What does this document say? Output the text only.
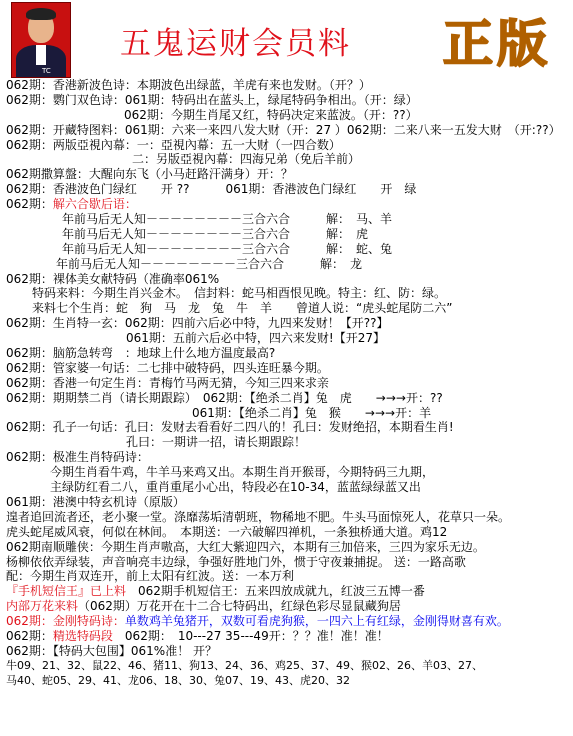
TC
五鬼运财会员料 正版
062期：香港新波色诗：本期波色出绿蓝，羊虎有来也发财。（开？）
062期：鹦门双色诗：061期：特码出在蓝头上，绿尾特码争相出。（开：绿）
062期：今期生肖尾又红，特码决定来蓝波。（开：??）
062期：开藏特图料：061期：六来一来四八发大财（开：27 ）062期：二来八来一五发大财　（开:??）
062期：两版亞視內幕：一：亞視內幕：五一大财（一四合数）
二：另版亞視內幕：四海兄弟（免后羊前）
062期撒算盤：大醒向东飞（小马赶路汗满身）开：？
062期：香港波色门绿红　　开 ??　　　061期：香港波色门绿红　　开　绿
062期：解六合歇后语：
年前马后无人知－－－－－－－－三合六合　　　解：　马、羊
年前马后无人知－－－－－－－－三合六合　　　解：　虎
年前马后无人知－－－－－－－－三合六合　　　解：　蛇、兔
年前马后无人知－－－－－－－－三合六合　　　解：　龙
062期：裸体美女献特码（准确率061%
特码来料：今期生肖兴金木。　信封料：蛇马相酉恨见晚。特主：红、防：绿。
来料七个生肖：蛇　狗　马　龙　兔　牛　羊　　曾道人说：“虎头蛇尾防二六”
062期：生肖特一玄：062期：四前六后必中特，九四来发财！【开??】
061期：五前六后必中特，四六来发财!【开27】
062期：脑筋急转弯　：地球上什么地方温度最高?
062期：管家婆一句话：二七排中破特码，四头连旺暴今期。
062期：香港一句定生肖：青梅竹马两无猜，今知三四来求亲
062期：期期禁二肖（请长期跟踪）　062期：【绝杀二肖】兔　虎　　→→→开：??
061期：【绝杀二肖】兔　猴　　→→→开：羊
062期：孔子一句话：孔曰：发财去看看好二四八的！孔曰：发财绝招，本期看生肖!
孔曰：一期讲一招，请长期跟踪！
062期：极准生肖特码诗：
今期生肖看牛鸡，牛羊马来鸡又出。本期生肖开猴哥，今期特码三九期，
主绿防红看二八，重肖重尾小心出，特段必在10-34，蓝蓝绿绿蓝又出
061期：港澳中特玄机诗（原版）
遑者追回流者还，老小聚一堂。涤靡荡垢清朝班，物稀地不肥。牛头马面惊死人，花草只一朵。
虎头蛇尾威风衰，何似在林间。　本期送：一六破解四禅机，一条独桥通大道。鸡12
062期南顺雕侠：今期生肖声嗷高，大红大紫迎四六，本期有三加倍来，三四为家乐无边。
杨柳依依弄绿装，声音响亮丰边绿，争强好胜地门外，惯于守夜兼捕捉。 送：一路高歌
配：今期生肖双连开，前上太阳有红波。送：一本万利
『手机短信王』已上料　062期手机短信王：五来四放成就九，红波三五博一番
内部万花来料（062期）万花开在十二合七特码出，红绿色彩尽显鼠藏狗居
062期：金刚特码诗：单数鸡羊兔猪开，双数可看虎狗猴，一四六上有红绿，金刚得财喜有欢。
062期：精选特码段　062期：　10---27 35---49开：？？准！准！准！
062期：【特码大包围】061%准！ 开？
牛09、21、32、鼠22、46、猪11、狗13、24、36、鸡25、37、49、猴02、26、羊03、27、
马40、蛇05、29、41、龙06、18、30、兔07、19、43、虎20、32
